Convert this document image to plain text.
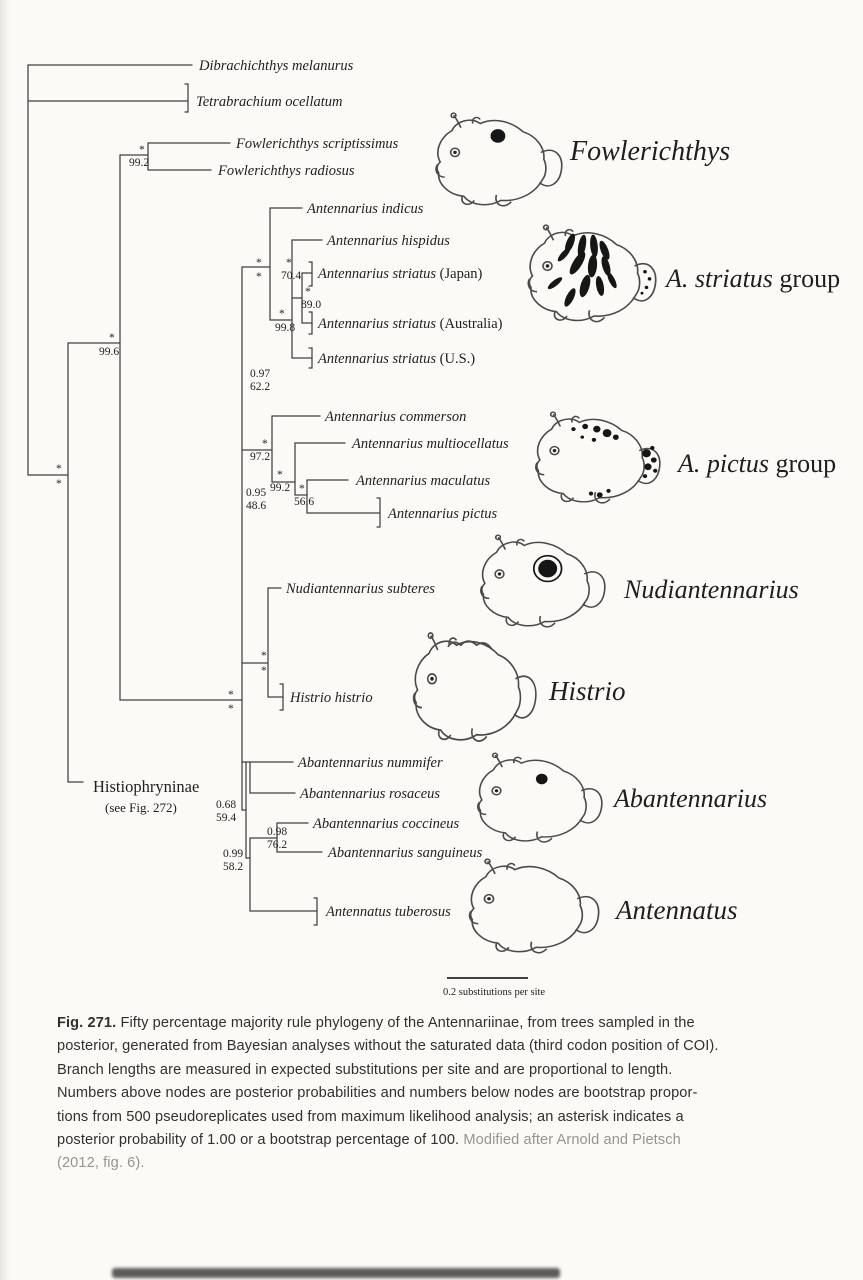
Dibrachichthys melanurus
Tetrabrachium ocellatum
Fowlerichthys scriptissimus
Fowlerichthys radiosus
Antennarius indicus
Antennarius hispidus
Antennarius striatus (Japan)
Antennarius striatus (Australia)
Antennarius striatus (U.S.)
Antennarius commerson
Antennarius multiocellatus
Antennarius maculatus
Antennarius pictus
Nudiantennarius subteres
Histrio histrio
Abantennarius nummifer
Abantennarius rosaceus
Abantennarius coccineus
Abantennarius sanguineus
Antennatus tuberosus
*
*
*
99.6
*
99.2
*
*
0.95
48.6
0.97
62.2
*
*
*
70.4
*
89.0
*
99.8
*
97.2
*
99.2 *
56.6
*
*
0.68
59.4
0.98
76.2
0.99
58.2
Fowlerichthys
A. striatus group
A. pictus group
Nudiantennarius
Histrio
Abantennarius
Antennatus
Histiophryninae
(see Fig. 272)
0.2 substitutions per site
Fig. 271. Fifty percentage majority rule phylogeny of the Antennariinae, from trees sampled in the
posterior, generated from Bayesian analyses without the saturated data (third codon position of COI).
Branch lengths are measured in expected substitutions per site and are proportional to length.
Numbers above nodes are posterior probabilities and numbers below nodes are bootstrap propor-
tions from 500 pseudoreplicates used from maximum likelihood analysis; an asterisk indicates a
posterior probability of 1.00 or a bootstrap percentage of 100. Modified after Arnold and Pietsch
(2012, fig. 6).
